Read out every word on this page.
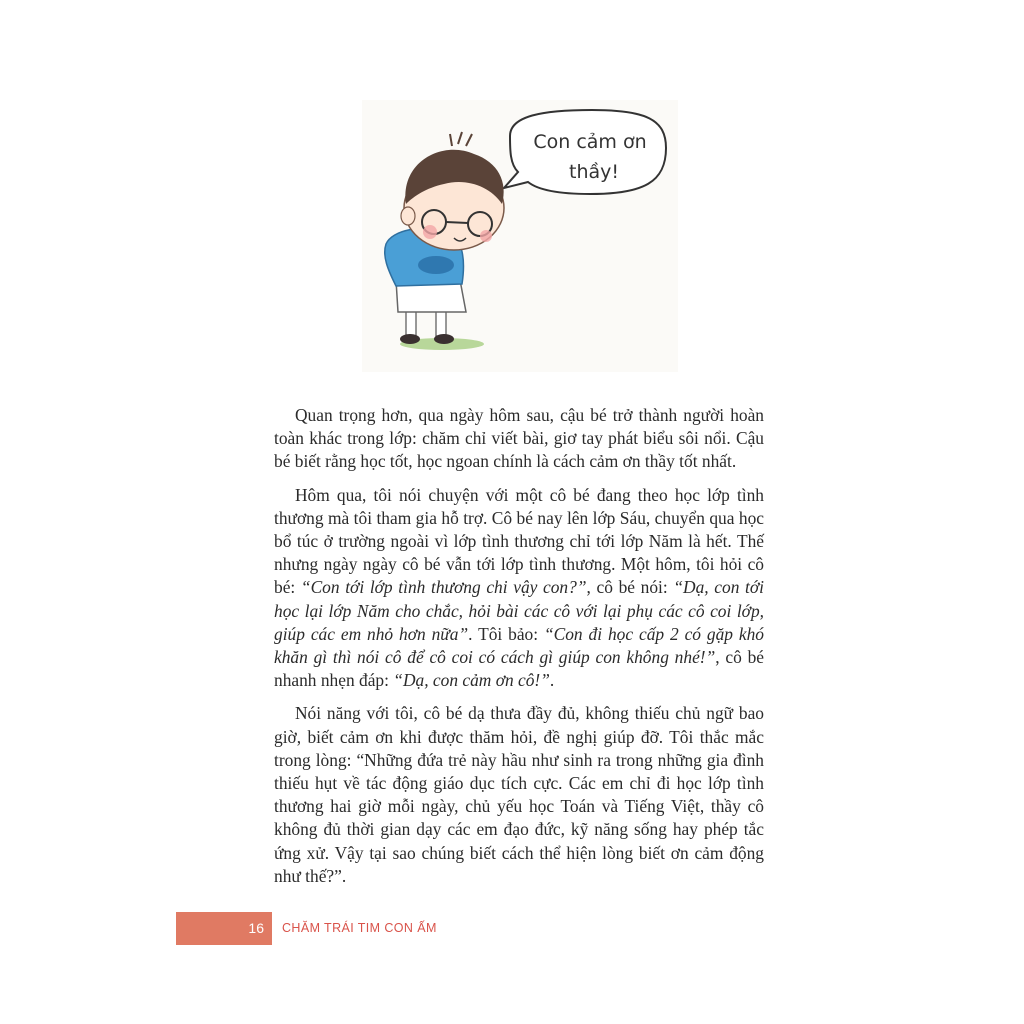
Con cảm ơn
thầy!

Quan trọng hơn, qua ngày hôm sau, cậu bé trở thành người hoàn toàn khác trong lớp: chăm chỉ viết bài, giơ tay phát biểu sôi nổi. Cậu bé biết rằng học tốt, học ngoan chính là cách cảm ơn thầy tốt nhất.

Hôm qua, tôi nói chuyện với một cô bé đang theo học lớp tình thương mà tôi tham gia hỗ trợ. Cô bé nay lên lớp Sáu, chuyển qua học bổ túc ở trường ngoài vì lớp tình thương chỉ tới lớp Năm là hết. Thế nhưng ngày ngày cô bé vẫn tới lớp tình thương. Một hôm, tôi hỏi cô bé: “Con tới lớp tình thương chi vậy con?”, cô bé nói: “Dạ, con tới học lại lớp Năm cho chắc, hỏi bài các cô với lại phụ các cô coi lớp, giúp các em nhỏ hơn nữa”. Tôi bảo: “Con đi học cấp 2 có gặp khó khăn gì thì nói cô để cô coi có cách gì giúp con không nhé!”, cô bé nhanh nhẹn đáp: “Dạ, con cảm ơn cô!”.

Nói năng với tôi, cô bé dạ thưa đầy đủ, không thiếu chủ ngữ bao giờ, biết cảm ơn khi được thăm hỏi, đề nghị giúp đỡ. Tôi thắc mắc trong lòng: “Những đứa trẻ này hầu như sinh ra trong những gia đình thiếu hụt về tác động giáo dục tích cực. Các em chỉ đi học lớp tình thương hai giờ mỗi ngày, chủ yếu học Toán và Tiếng Việt, thầy cô không đủ thời gian dạy các em đạo đức, kỹ năng sống hay phép tắc ứng xử. Vậy tại sao chúng biết cách thể hiện lòng biết ơn cảm động như thế?”.

16 CHĂM TRÁI TIM CON ẤM
